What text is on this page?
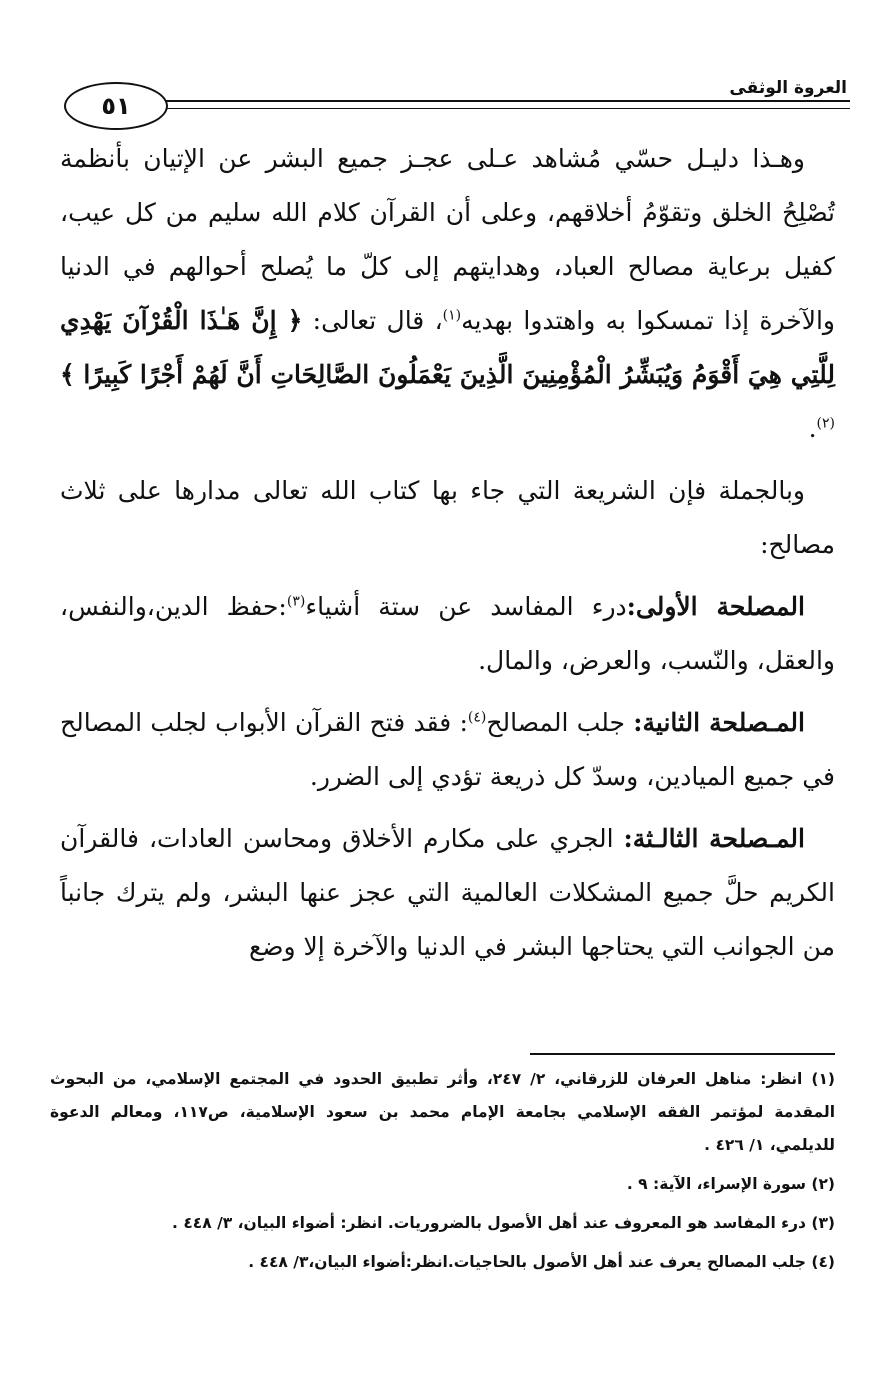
العروة الوثقى
٥١

وهـذا دليـل حسّي مُشاهد عـلى عجـز جميع البشر عن الإتيان بأنظمة تُصْلِحُ الخلق وتقوّمُ أخلاقهم، وعلى أن القرآن كلام الله سليم من كل عيب، كفيل برعاية مصالح العباد، وهدايتهم إلى كلّ ما يُصلح أحوالهم في الدنيا والآخرة إذا تمسكوا به واهتدوا بهديه$^{(١)}$، قال تعالى: ﴿ إِنَّ هَـٰذَا الْقُرْآنَ يَهْدِي لِلَّتِي هِيَ أَقْوَمُ وَيُبَشِّرُ الْمُؤْمِنِينَ الَّذِينَ يَعْمَلُونَ الصَّالِحَاتِ أَنَّ لَهُمْ أَجْرًا كَبِيرًا ﴾$^{(٢)}$.

وبالجملة فإن الشريعة التي جاء بها كتاب الله تعالى مدارها على ثلاث مصالح:

المصلحة الأولى:درء المفاسد عن ستة أشياء$^{(٣)}$:حفظ الدين،والنفس، والعقل، والنّسب، والعرض، والمال.

المـصلحة الثانية: جلب المصالح$^{(٤)}$: فقد فتح القرآن الأبواب لجلب المصالح في جميع الميادين، وسدّ كل ذريعة تؤدي إلى الضرر.

المـصلحة الثالـثة: الجري على مكارم الأخلاق ومحاسن العادات، فالقرآن الكريم حلَّ جميع المشكلات العالمية التي عجز عنها البشر، ولم يترك جانباً من الجوانب التي يحتاجها البشر في الدنيا والآخرة إلا وضع

(١) انظر: مناهل العرفان للزرقاني، ٢/ ٢٤٧، وأثر تطبيق الحدود في المجتمع الإسلامي، من البحوث المقدمة لمؤتمر الفقه الإسلامي بجامعة الإمام محمد بن سعود الإسلامية، ص١١٧، ومعالم الدعوة للديلمي، ١/ ٤٢٦ .
(٢) سورة الإسراء، الآية: ٩ .
(٣) درء المفاسد هو المعروف عند أهل الأصول بالضروريات. انظر: أضواء البيان، ٣/ ٤٤٨ .
(٤) جلب المصالح يعرف عند أهل الأصول بالحاجيات.انظر:أضواء البيان،٣/ ٤٤٨ .
